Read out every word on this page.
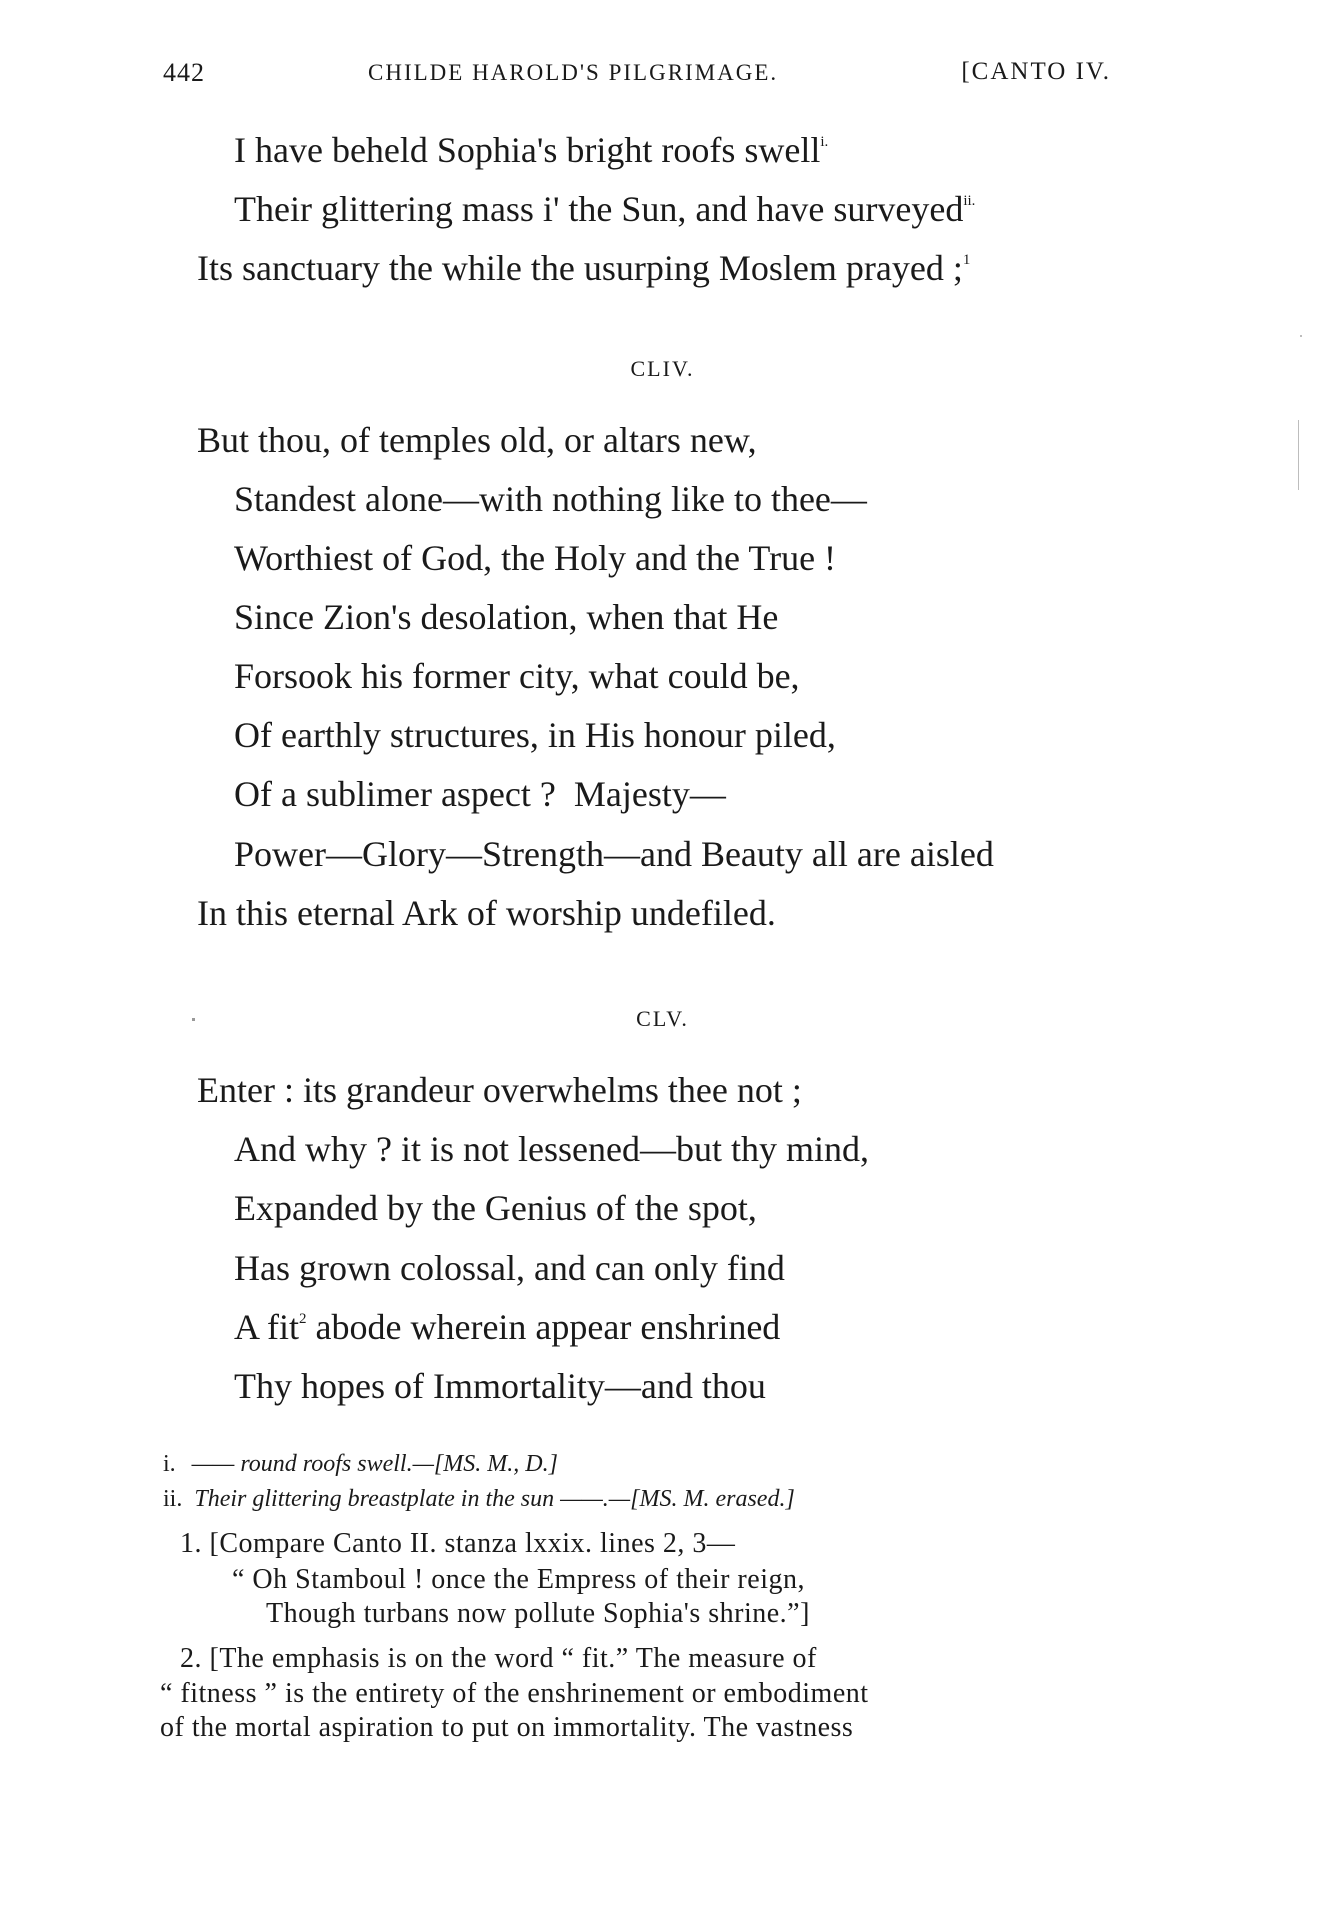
442	CHILDE HAROLD'S PILGRIMAGE.	[CANTO IV.
I have beheld Sophia's bright roofs swell$^{i.}$
Their glittering mass i' the Sun, and have surveyed$^{ii.}$
Its sanctuary the while the usurping Moslem prayed ;$^1$
CLIV.
But thou, of temples old, or altars new,
Standest alone—with nothing like to thee—
Worthiest of God, the Holy and the True !
Since Zion's desolation, when that He
Forsook his former city, what could be,
Of earthly structures, in His honour piled,
Of a sublimer aspect ?  Majesty—
Power—Glory—Strength—and Beauty all are aisled
In this eternal Ark of worship undefiled.
CLV.
Enter : its grandeur overwhelms thee not ;
And why ? it is not lessened—but thy mind,
Expanded by the Genius of the spot,
Has grown colossal, and can only find
A fit$^2$ abode wherein appear enshrined
Thy hopes of Immortality—and thou
i. —— round roofs swell.—[MS. M., D.]
ii. Their glittering breastplate in the sun ——.—[MS. M. erased.]
1. [Compare Canto II. stanza lxxix. lines 2, 3—
“ Oh Stamboul ! once the Empress of their reign,
Though turbans now pollute Sophia's shrine.”]
2. [The emphasis is on the word “ fit.” The measure of
“ fitness ” is the entirety of the enshrinement or embodiment
of the mortal aspiration to put on immortality. The vastness
